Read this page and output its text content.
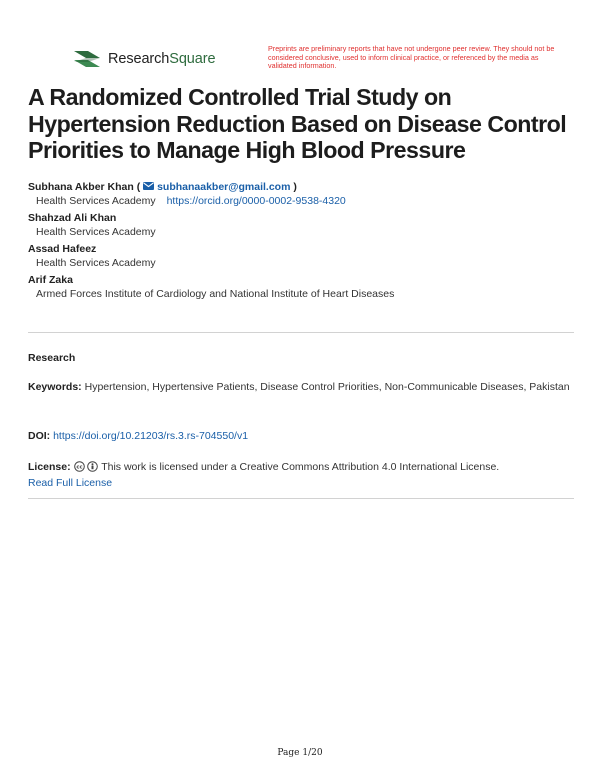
ResearchSquare
Preprints are preliminary reports that have not undergone peer review. They should not be considered conclusive, used to inform clinical practice, or referenced by the media as validated information.
A Randomized Controlled Trial Study on Hypertension Reduction Based on Disease Control Priorities to Manage High Blood Pressure
Subhana Akber Khan (  subhanaakber@gmail.com )
Health Services Academy https://orcid.org/0000-0002-9538-4320
Shahzad Ali Khan
Health Services Academy
Assad Hafeez
Health Services Academy
Arif Zaka
Armed Forces Institute of Cardiology and National Institute of Heart Diseases
Research
Keywords: Hypertension, Hypertensive Patients, Disease Control Priorities, Non-Communicable Diseases, Pakistan
DOI: https://doi.org/10.21203/rs.3.rs-704550/v1
License: cc This work is licensed under a Creative Commons Attribution 4.0 International License.
Read Full License
Page 1/20
